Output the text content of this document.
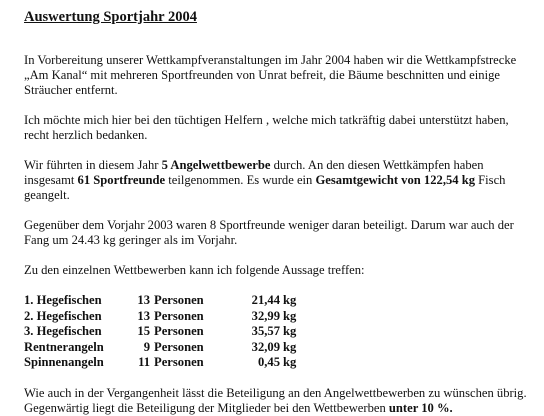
Auswertung Sportjahr 2004

In Vorbereitung unserer Wettkampfveranstaltungen im Jahr 2004 haben wir die Wettkampfstrecke „Am Kanal“ mit mehreren Sportfreunden von Unrat befreit, die Bäume beschnitten und einige Sträucher entfernt.

Ich möchte mich hier bei den tüchtigen Helfern , welche mich tatkräftig dabei unterstützt haben, recht herzlich bedanken.

Wir führten in diesem Jahr 5 Angelwettbewerbe durch. An den diesen Wettkämpfen haben insgesamt 61 Sportfreunde teilgenommen. Es wurde ein Gesamtgewicht von 122,54 kg Fisch geangelt.

Gegenüber dem Vorjahr 2003 waren 8 Sportfreunde weniger daran beteiligt. Darum war auch der Fang um 24.43 kg geringer als im Vorjahr.

Zu den einzelnen Wettbewerben kann ich folgende Aussage treffen:

1. Hegefischen	13	Personen	21,44	kg
2. Hegefischen	13	Personen	32,99	kg
3. Hegefischen	15	Personen	35,57	kg
Rentnerangeln	9	Personen	32,09	kg
Spinnenangeln	11	Personen	0,45	kg

Wie auch in der Vergangenheit lässt die Beteiligung an den Angelwettbewerben zu wünschen übrig. Gegenwärtig liegt die Beteiligung der Mitglieder bei den Wettbewerben unter 10 %.
